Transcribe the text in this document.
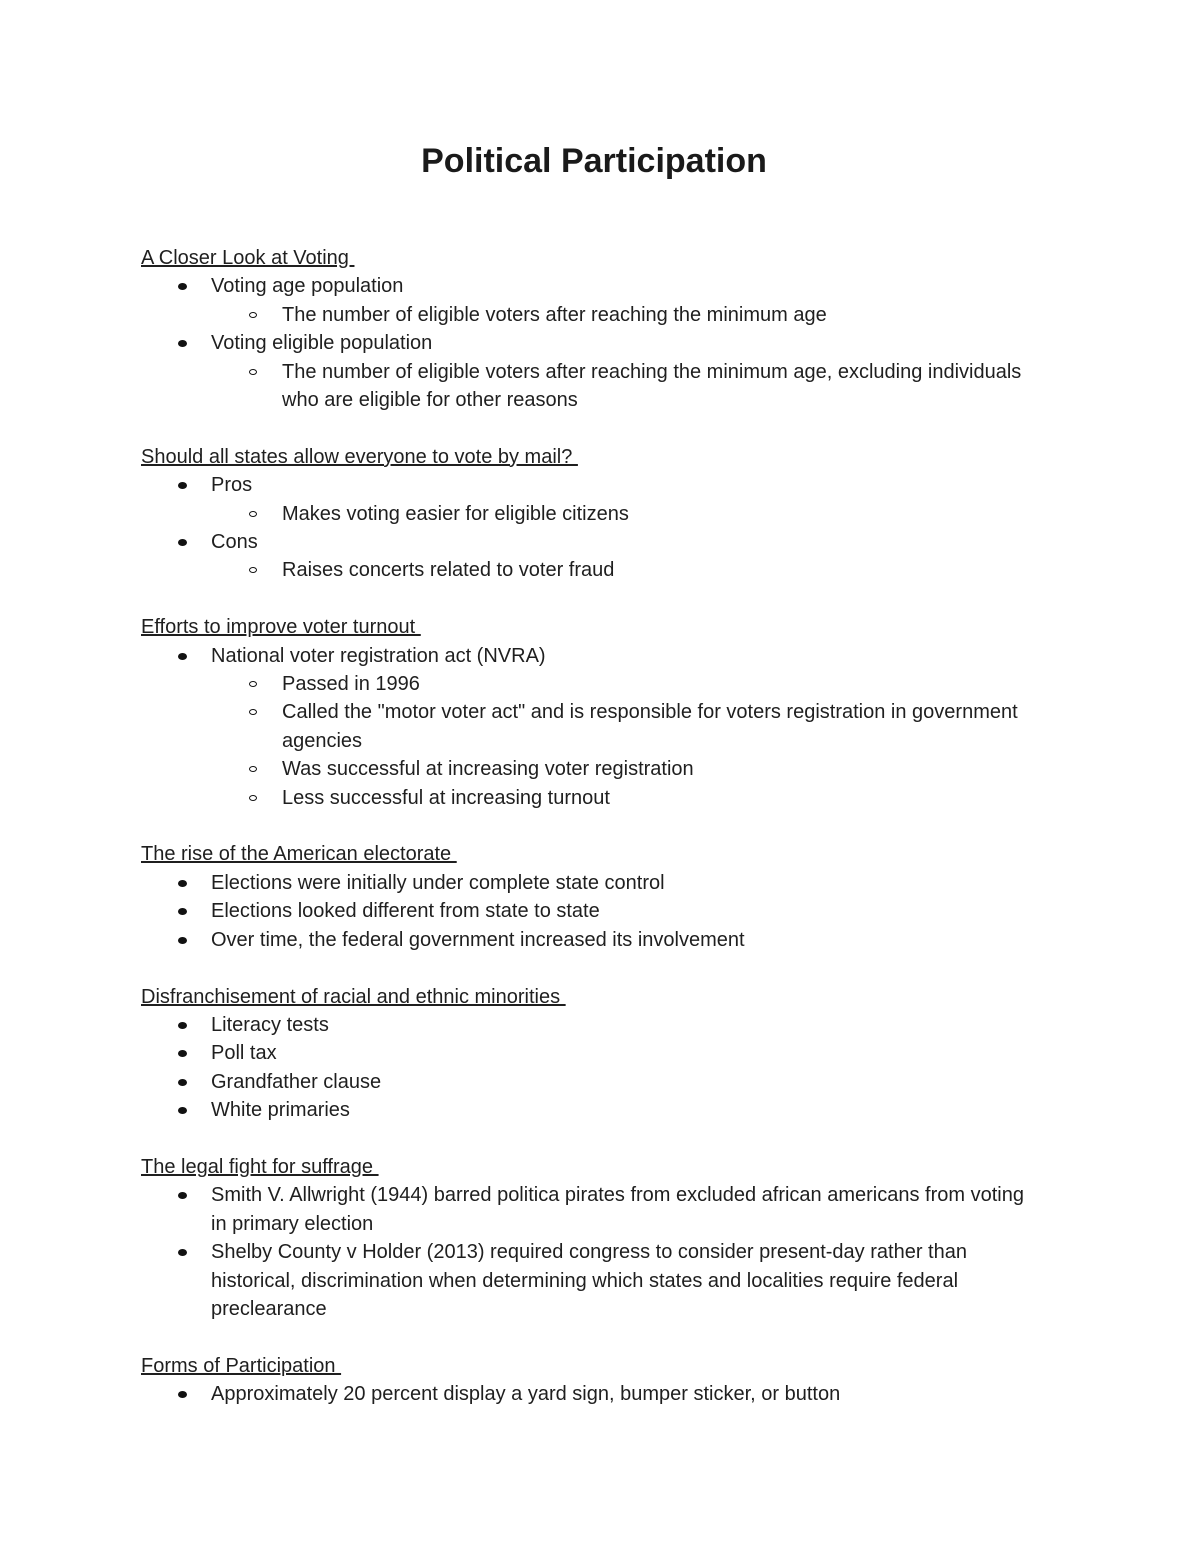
Political Participation
A Closer Look at Voting
Voting age population
The number of eligible voters after reaching the minimum age
Voting eligible population
The number of eligible voters after reaching the minimum age, excluding individuals who are eligible for other reasons
Should all states allow everyone to vote by mail?
Pros
Makes voting easier for eligible citizens
Cons
Raises concerts related to voter fraud
Efforts to improve voter turnout
National voter registration act (NVRA)
Passed in 1996
Called the "motor voter act" and is responsible for voters registration in government agencies
Was successful at increasing voter registration
Less successful at increasing turnout
The rise of the American electorate
Elections were initially under complete state control
Elections looked different from state to state
Over time, the federal government increased its involvement
Disfranchisement of racial and ethnic minorities
Literacy tests
Poll tax
Grandfather clause
White primaries
The legal fight for suffrage
Smith V. Allwright (1944) barred politica pirates from excluded african americans from voting in primary election
Shelby County v Holder (2013) required congress to consider present-day rather than historical, discrimination when determining which states and localities require federal preclearance
Forms of Participation
Approximately 20 percent display a yard sign, bumper sticker, or button
